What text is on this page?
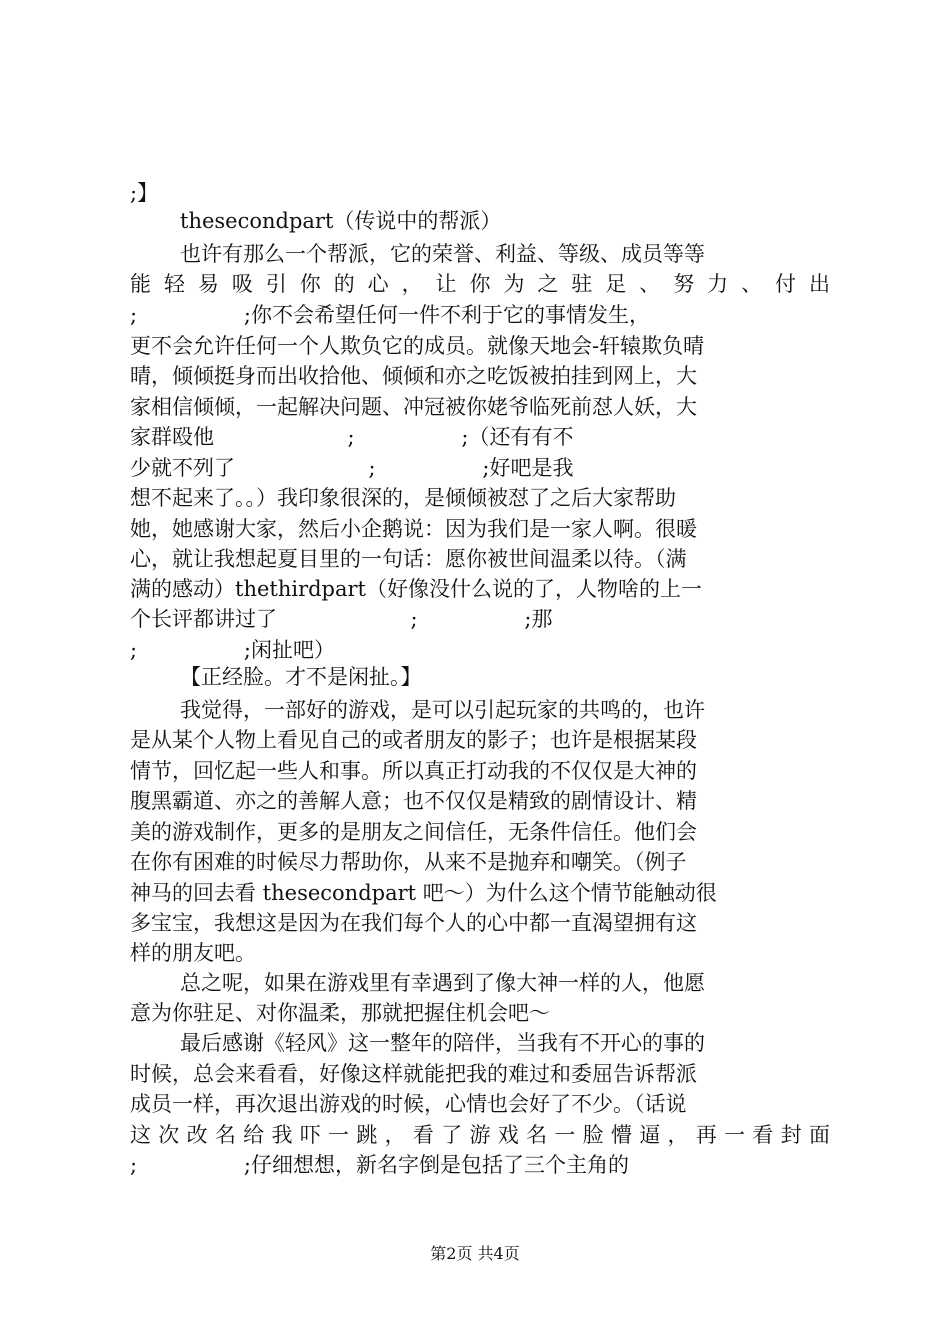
;】
thesecondpart（传说中的帮派）
也许有那么一个帮派，它的荣誉、利益、等级、成员等等
能 轻 易 吸 引 你 的 心 ， 让 你 为 之 驻 足 、 努 力 、 付 出
;                ;你不会希望任何一件不利于它的事情发生，
更不会允许任何一个人欺负它的成员。就像天地会-轩辕欺负晴
晴，倾倾挺身而出收拾他、倾倾和亦之吃饭被拍挂到网上，大
家相信倾倾，一起解决问题、冲冠被你姥爷临死前怼人妖，大
家群殴他                    ;                ;（还有有不
少就不列了                    ;                ;好吧是我
想不起来了。。）我印象很深的，是倾倾被怼了之后大家帮助
她，她感谢大家，然后小企鹅说：因为我们是一家人啊。很暖
心，就让我想起夏目里的一句话：愿你被世间温柔以待。（满
满的感动）thethirdpart（好像没什么说的了，人物啥的上一
个长评都讲过了                    ;                ;那
;                ;闲扯吧）
【正经脸。才不是闲扯。】
我觉得，一部好的游戏，是可以引起玩家的共鸣的，也许
是从某个人物上看见自己的或者朋友的影子；也许是根据某段
情节，回忆起一些人和事。所以真正打动我的不仅仅是大神的
腹黑霸道、亦之的善解人意；也不仅仅是精致的剧情设计、精
美的游戏制作，更多的是朋友之间信任，无条件信任。他们会
在你有困难的时候尽力帮助你，从来不是抛弃和嘲笑。（例子
神马的回去看 thesecondpart 吧～）为什么这个情节能触动很
多宝宝，我想这是因为在我们每个人的心中都一直渴望拥有这
样的朋友吧。
总之呢，如果在游戏里有幸遇到了像大神一样的人，他愿
意为你驻足、对你温柔，那就把握住机会吧～
最后感谢《轻风》这一整年的陪伴，当我有不开心的事的
时候，总会来看看，好像这样就能把我的难过和委屈告诉帮派
成员一样，再次退出游戏的时候，心情也会好了不少。（话说
这 次 改 名 给 我 吓 一 跳 ， 看 了 游 戏 名 一 脸 懵 逼 ， 再 一 看 封 面
;                ;仔细想想，新名字倒是包括了三个主角的
第2页 共4页
